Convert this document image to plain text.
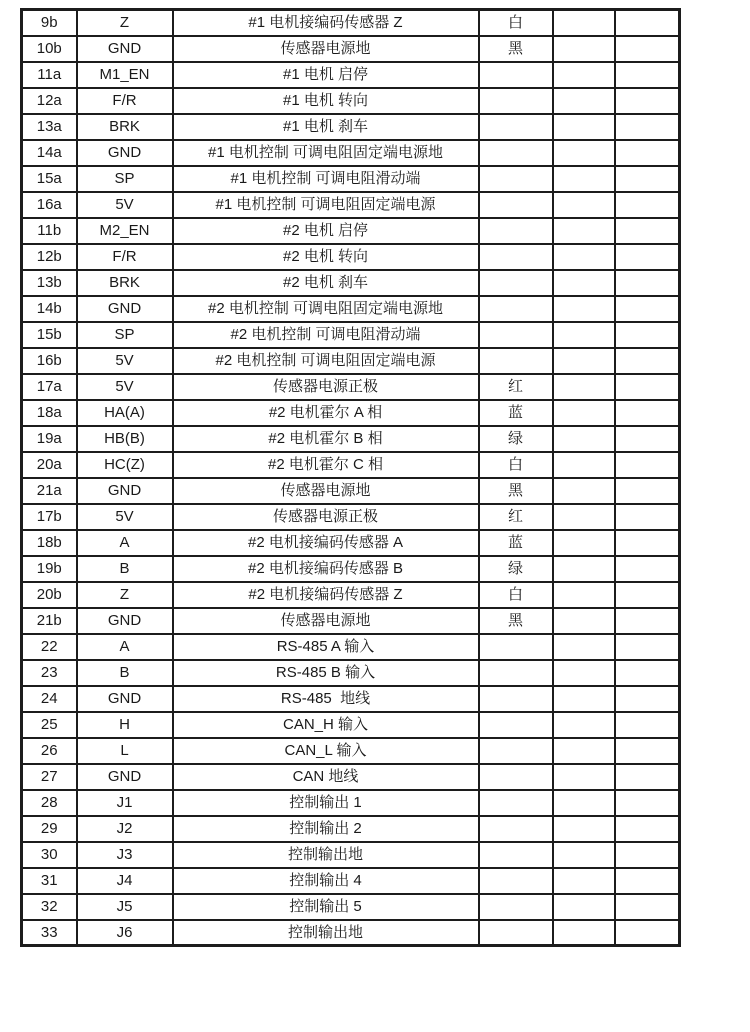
9b	Z	#1 电机接编码传感器 Z	白		
10b	GND	传感器电源地	黑		
11a	M1_EN	#1 电机 启停			
12a	F/R	#1 电机 转向			
13a	BRK	#1 电机 刹车			
14a	GND	#1 电机控制 可调电阻固定端电源地			
15a	SP	#1 电机控制 可调电阻滑动端			
16a	5V	#1 电机控制 可调电阻固定端电源			
11b	M2_EN	#2 电机 启停			
12b	F/R	#2 电机 转向			
13b	BRK	#2 电机 刹车			
14b	GND	#2 电机控制 可调电阻固定端电源地			
15b	SP	#2 电机控制 可调电阻滑动端			
16b	5V	#2 电机控制 可调电阻固定端电源			
17a	5V	传感器电源正极	红		
18a	HA(A)	#2 电机霍尔 A 相	蓝		
19a	HB(B)	#2 电机霍尔 B 相	绿		
20a	HC(Z)	#2 电机霍尔 C 相	白		
21a	GND	传感器电源地	黑		
17b	5V	传感器电源正极	红		
18b	A	#2 电机接编码传感器 A	蓝		
19b	B	#2 电机接编码传感器 B	绿		
20b	Z	#2 电机接编码传感器 Z	白		
21b	GND	传感器电源地	黑		
22	A	RS-485 A 输入			
23	B	RS-485 B 输入			
24	GND	RS-485  地线			
25	H	CAN_H 输入			
26	L	CAN_L 输入			
27	GND	CAN 地线			
28	J1	控制输出 1			
29	J2	控制输出 2			
30	J3	控制输出地			
31	J4	控制输出 4			
32	J5	控制输出 5			
33	J6	控制输出地			
